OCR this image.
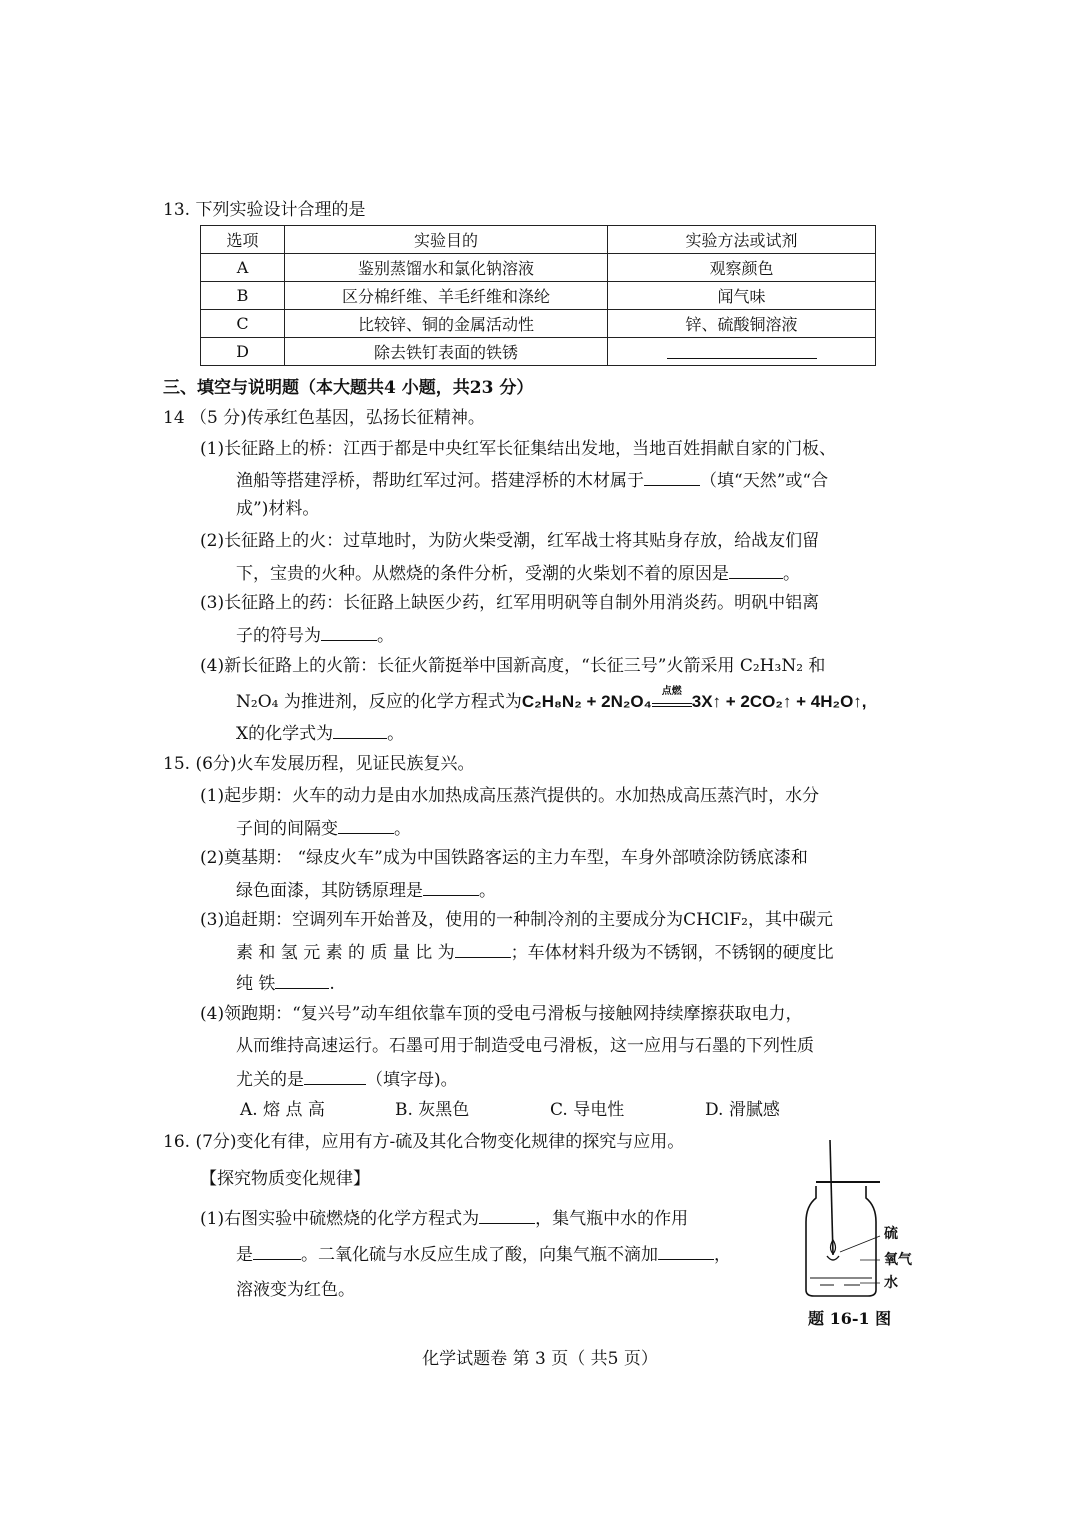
13. 下列实验设计合理的是
选项	实验目的	实验方法或试剂
A	鉴别蒸馏水和氯化钠溶液	观察颜色
B	区分棉纤维、羊毛纤维和涤纶	闻气味
C	比较锌、铜的金属活动性	锌、硫酸铜溶液
D	除去铁钉表面的铁锈	
三、填空与说明题（本大题共4 小题，共23 分）
14 （5 分)传承红色基因，弘扬长征精神。
(1)长征路上的桥：江西于都是中央红军长征集结出发地，当地百姓捐献自家的门板、
渔船等搭建浮桥，帮助红军过河。搭建浮桥的木材属于	（填“天然”或“合
成”)材料。
(2)长征路上的火：过草地时，为防火柴受潮，红军战士将其贴身存放，给战友们留
下，宝贵的火种。从燃烧的条件分析，受潮的火柴划不着的原因是	。
(3)长征路上的药：长征路上缺医少药，红军用明矾等自制外用消炎药。明矾中铝离
子的符号为	。
(4)新长征路上的火箭：长征火箭挺举中国新高度，“长征三号”火箭采用 C₂H₃N₂ 和
N₂O₄ 为推进剂，反应的化学方程式为C₂H₈N₂ + 2N₂O₄
点燃
3X↑ + 2CO₂↑ + 4H₂O↑,
X的化学式为	。
15. (6分)火车发展历程，见证民族复兴。
(1)起步期：火车的动力是由水加热成高压蒸汽提供的。水加热成高压蒸汽时，水分
子间的间隔变	。
(2)奠基期： “绿皮火车”成为中国铁路客运的主力车型，车身外部喷涂防锈底漆和
绿色面漆，其防锈原理是	。
(3)追赶期：空调列车开始普及，使用的一种制冷剂的主要成分为CHClF₂，其中碳元
素 和 氢 元 素 的 质 量 比 为	；车体材料升级为不锈钢，不锈钢的硬度比
纯 铁	.
(4)领跑期：“复兴号”动车组依靠车顶的受电弓滑板与接触网持续摩擦获取电力，
从而维持高速运行。石墨可用于制造受电弓滑板，这一应用与石墨的下列性质
尤关的是	（填字母)。
A. 熔 点 高	B. 灰黑色	C. 导电性	D. 滑腻感
16. (7分)变化有律，应用有方-硫及其化合物变化规律的探究与应用。
【探究物质变化规律】
(1)右图实验中硫燃烧的化学方程式为	，集气瓶中水的作用
是	。二氧化硫与水反应生成了酸，向集气瓶不滴加	，
溶液变为红色。
硫
氧气
水
题 16-1 图
化学试题卷 第 3 页（ 共5 页）
